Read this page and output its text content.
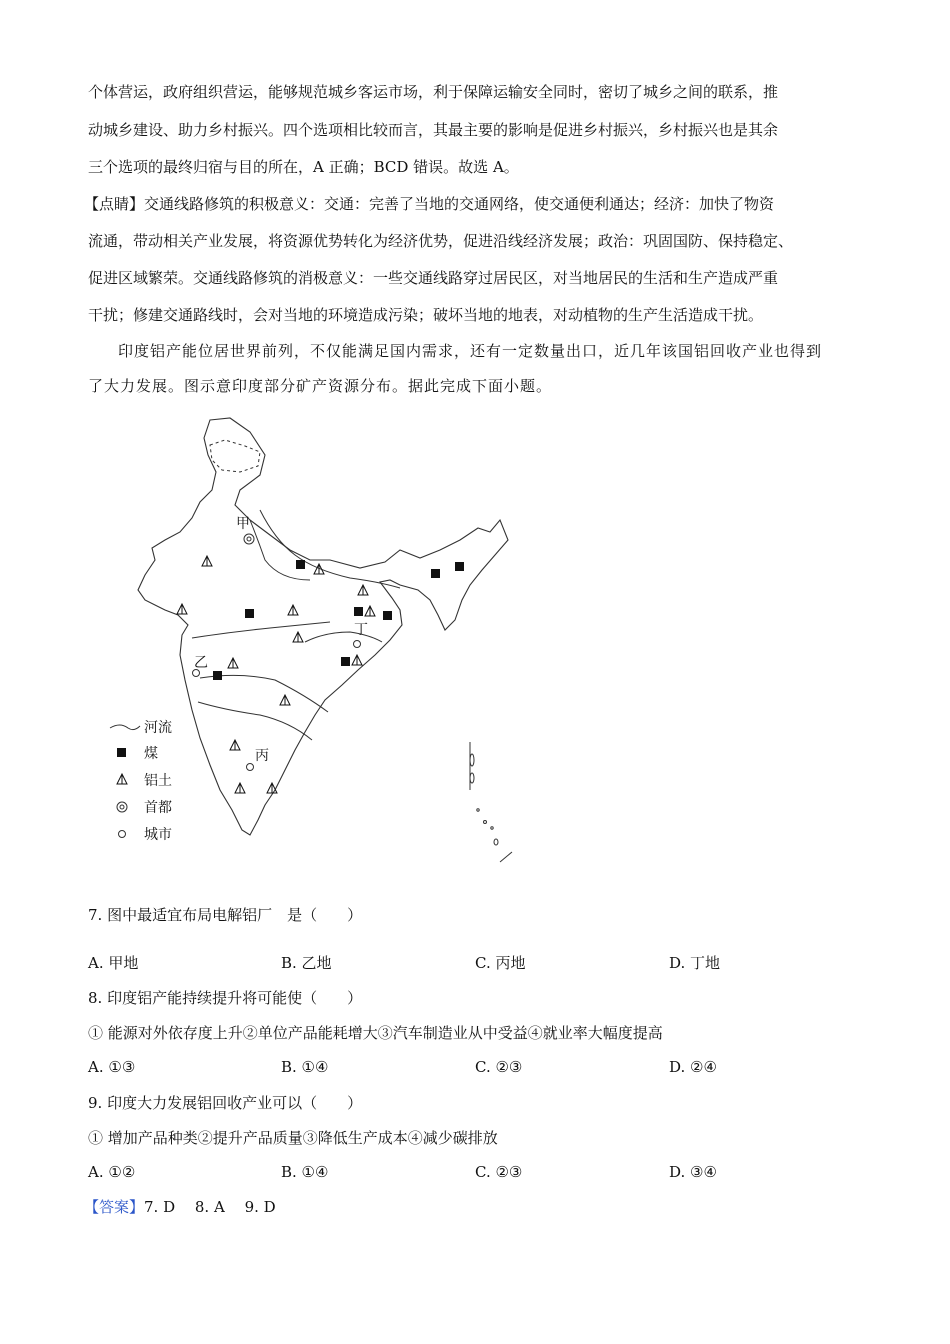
个体营运，政府组织营运，能够规范城乡客运市场，利于保障运输安全同时，密切了城乡之间的联系，推
动城乡建设、助力乡村振兴。四个选项相比较而言，其最主要的影响是促进乡村振兴，乡村振兴也是其余
三个选项的最终归宿与目的所在，A 正确；BCD 错误。故选 A。
【点睛】交通线路修筑的积极意义：交通：完善了当地的交通网络，使交通便利通达；经济：加快了物资
流通，带动相关产业发展，将资源优势转化为经济优势，促进沿线经济发展；政治：巩固国防、保持稳定、
促进区域繁荣。交通线路修筑的消极意义：一些交通线路穿过居民区，对当地居民的生活和生产造成严重
干扰；修建交通路线时，会对当地的环境造成污染；破坏当地的地表，对动植物的生产生活造成干扰。
印度铝产能位居世界前列，不仅能满足国内需求，还有一定数量出口，近几年该国铝回收产业也得到
了大力发展。图示意印度部分矿产资源分布。据此完成下面小题。
甲
乙
丙
丁
河流
煤
铝土
首都
城市
7. 图中最适宜布局电解铝厂　是（　　）
A. 甲地	B. 乙地	C. 丙地	D. 丁地
8. 印度铝产能持续提升将可能使（　　）
① 能源对外依存度上升②单位产品能耗增大③汽车制造业从中受益④就业率大幅度提高
A. ①③	B. ①④	C. ②③	D. ②④
9. 印度大力发展铝回收产业可以（　　）
① 增加产品种类②提升产品质量③降低生产成本④减少碳排放
A. ①②	B. ①④	C. ②③	D. ③④
【答案】7. D　 8. A　 9. D
